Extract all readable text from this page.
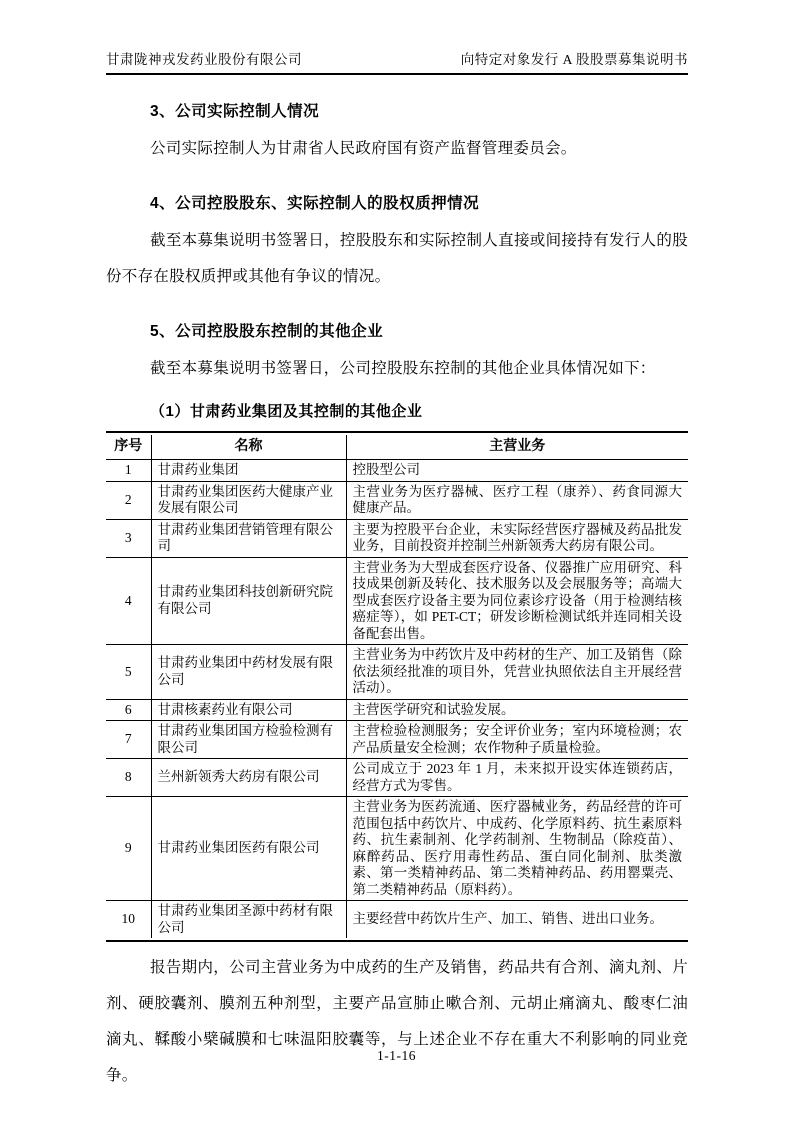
甘肃陇神戎发药业股份有限公司	向特定对象发行 A 股股票募集说明书
3、公司实际控制人情况

公司实际控制人为甘肃省人民政府国有资产监督管理委员会。

4、公司控股股东、实际控制人的股权质押情况

截至本募集说明书签署日，控股股东和实际控制人直接或间接持有发行人的股份不存在股权质押或其他有争议的情况。

5、公司控股股东控制的其他企业

截至本募集说明书签署日，公司控股股东控制的其他企业具体情况如下：

（1）甘肃药业集团及其控制的其他企业
序号	名称	主营业务
1	甘肃药业集团	控股型公司
2	甘肃药业集团医药大健康产业发展有限公司	主营业务为医疗器械、医疗工程（康养）、药食同源大健康产品。
3	甘肃药业集团营销管理有限公司	主要为控股平台企业，未实际经营医疗器械及药品批发业务，目前投资并控制兰州新领秀大药房有限公司。
4	甘肃药业集团科技创新研究院有限公司	主营业务为大型成套医疗设备、仪器推广应用研究、科技成果创新及转化、技术服务以及会展服务等；高端大型成套医疗设备主要为同位素诊疗设备（用于检测结核癌症等），如 PET-CT；研发诊断检测试纸并连同相关设备配套出售。
5	甘肃药业集团中药材发展有限公司	主营业务为中药饮片及中药材的生产、加工及销售（除依法须经批准的项目外，凭营业执照依法自主开展经营活动）。
6	甘肃核素药业有限公司	主营医学研究和试验发展。
7	甘肃药业集团国方检验检测有限公司	主营检验检测服务；安全评价业务；室内环境检测；农产品质量安全检测；农作物种子质量检验。
8	兰州新领秀大药房有限公司	公司成立于 2023 年 1 月，未来拟开设实体连锁药店，经营方式为零售。
9	甘肃药业集团医药有限公司	主营业务为医药流通、医疗器械业务，药品经营的许可范围包括中药饮片、中成药、化学原料药、抗生素原料药、抗生素制剂、化学药制剂、生物制品（除疫苗）、麻醉药品、医疗用毒性药品、蛋白同化制剂、肽类激素、第一类精神药品、第二类精神药品、药用罂粟壳、第二类精神药品（原料药）。
10	甘肃药业集团圣源中药材有限公司	主要经营中药饮片生产、加工、销售、进出口业务。

报告期内，公司主营业务为中成药的生产及销售，药品共有合剂、滴丸剂、片剂、硬胶囊剂、膜剂五种剂型，主要产品宣肺止嗽合剂、元胡止痛滴丸、酸枣仁油滴丸、鞣酸小檗碱膜和七味温阳胶囊等，与上述企业不存在重大不利影响的同业竞争。

1-1-16
